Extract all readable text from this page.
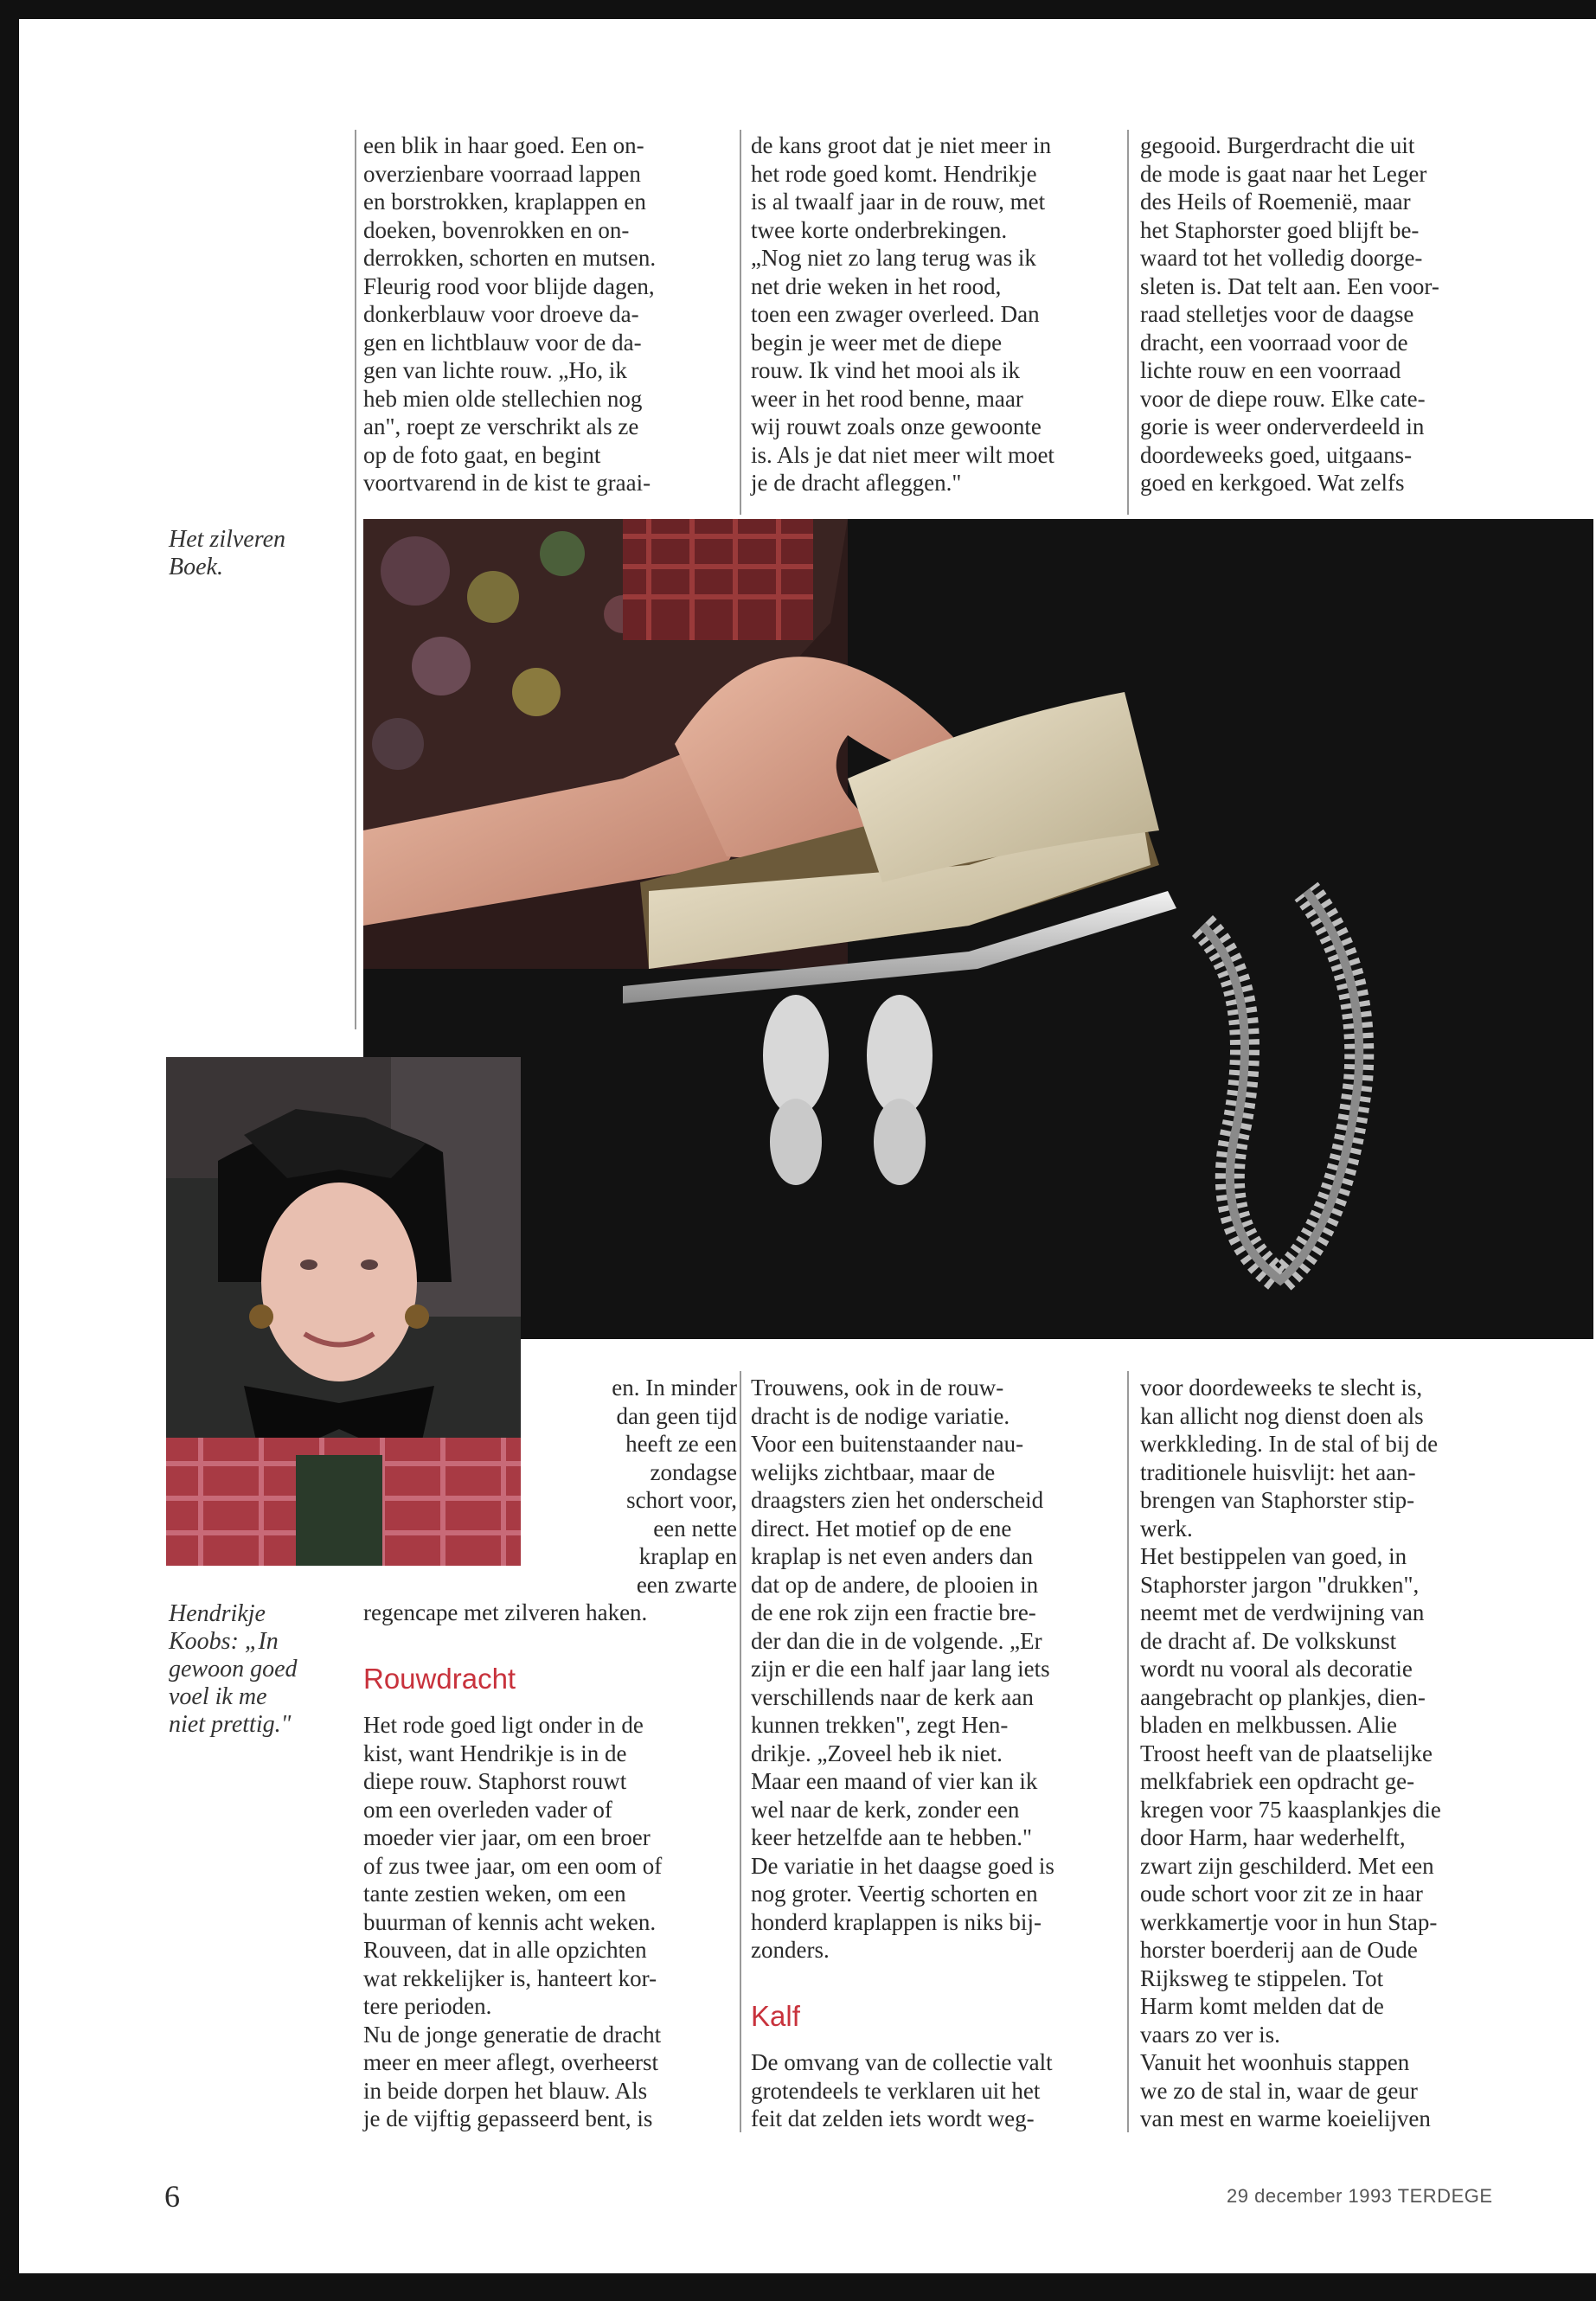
een blik in haar goed. Een on-
overzienbare voorraad lappen
en borstrokken, kraplappen en
doeken, bovenrokken en on-
derrokken, schorten en mutsen.
Fleurig rood voor blijde dagen,
donkerblauw voor droeve da-
gen en lichtblauw voor de da-
gen van lichte rouw. „Ho, ik
heb mien olde stellechien nog
an", roept ze verschrikt als ze
op de foto gaat, en begint
voortvarend in de kist te graai-

de kans groot dat je niet meer in
het rode goed komt. Hendrikje
is al twaalf jaar in de rouw, met
twee korte onderbrekingen.
„Nog niet zo lang terug was ik
net drie weken in het rood,
toen een zwager overleed. Dan
begin je weer met de diepe
rouw. Ik vind het mooi als ik
weer in het rood benne, maar
wij rouwt zoals onze gewoonte
is. Als je dat niet meer wilt moet
je de dracht afleggen."

gegooid. Burgerdracht die uit
de mode is gaat naar het Leger
des Heils of Roemenië, maar
het Staphorster goed blijft be-
waard tot het volledig doorge-
sleten is. Dat telt aan. Een voor-
raad stelletjes voor de daagse
dracht, een voorraad voor de
lichte rouw en een voorraad
voor de diepe rouw. Elke cate-
gorie is weer onderverdeeld in
doordeweeks goed, uitgaans-
goed en kerkgoed. Wat zelfs

Het zilveren
Boek.

en. In minder
dan geen tijd
heeft ze een
zondagse
schort voor,
een nette
kraplap en
een zwarte

regencape met zilveren haken.

Hendrikje
Koobs: „In
gewoon goed
voel ik me
niet prettig."
Rouwdracht

Het rode goed ligt onder in de
kist, want Hendrikje is in de
diepe rouw. Staphorst rouwt
om een overleden vader of
moeder vier jaar, om een broer
of zus twee jaar, om een oom of
tante zestien weken, om een
buurman of kennis acht weken.
Rouveen, dat in alle opzichten
wat rekkelijker is, hanteert kor-
tere perioden.
Nu de jonge generatie de dracht
meer en meer aflegt, overheerst
in beide dorpen het blauw. Als
je de vijftig gepasseerd bent, is

Trouwens, ook in de rouw-
dracht is de nodige variatie.
Voor een buitenstaander nau-
welijks zichtbaar, maar de
draagsters zien het onderscheid
direct. Het motief op de ene
kraplap is net even anders dan
dat op de andere, de plooien in
de ene rok zijn een fractie bre-
der dan die in de volgende. „Er
zijn er die een half jaar lang iets
verschillends naar de kerk aan
kunnen trekken", zegt Hen-
drikje. „Zoveel heb ik niet.
Maar een maand of vier kan ik
wel naar de kerk, zonder een
keer hetzelfde aan te hebben."
De variatie in het daagse goed is
nog groter. Veertig schorten en
honderd kraplappen is niks bij-
zonders.

Kalf

De omvang van de collectie valt
grotendeels te verklaren uit het
feit dat zelden iets wordt weg-

voor doordeweeks te slecht is,
kan allicht nog dienst doen als
werkkleding. In de stal of bij de
traditionele huisvlijt: het aan-
brengen van Staphorster stip-
werk.
Het bestippelen van goed, in
Staphorster jargon "drukken",
neemt met de verdwijning van
de dracht af. De volkskunst
wordt nu vooral als decoratie
aangebracht op plankjes, dien-
bladen en melkbussen. Alie
Troost heeft van de plaatselijke
melkfabriek een opdracht ge-
kregen voor 75 kaasplankjes die
door Harm, haar wederhelft,
zwart zijn geschilderd. Met een
oude schort voor zit ze in haar
werkkamertje voor in hun Stap-
horster boerderij aan de Oude
Rijksweg te stippelen. Tot
Harm komt melden dat de
vaars zo ver is.
Vanuit het woonhuis stappen
we zo de stal in, waar de geur
van mest en warme koeielijven

6	29 december 1993 TERDEGE
